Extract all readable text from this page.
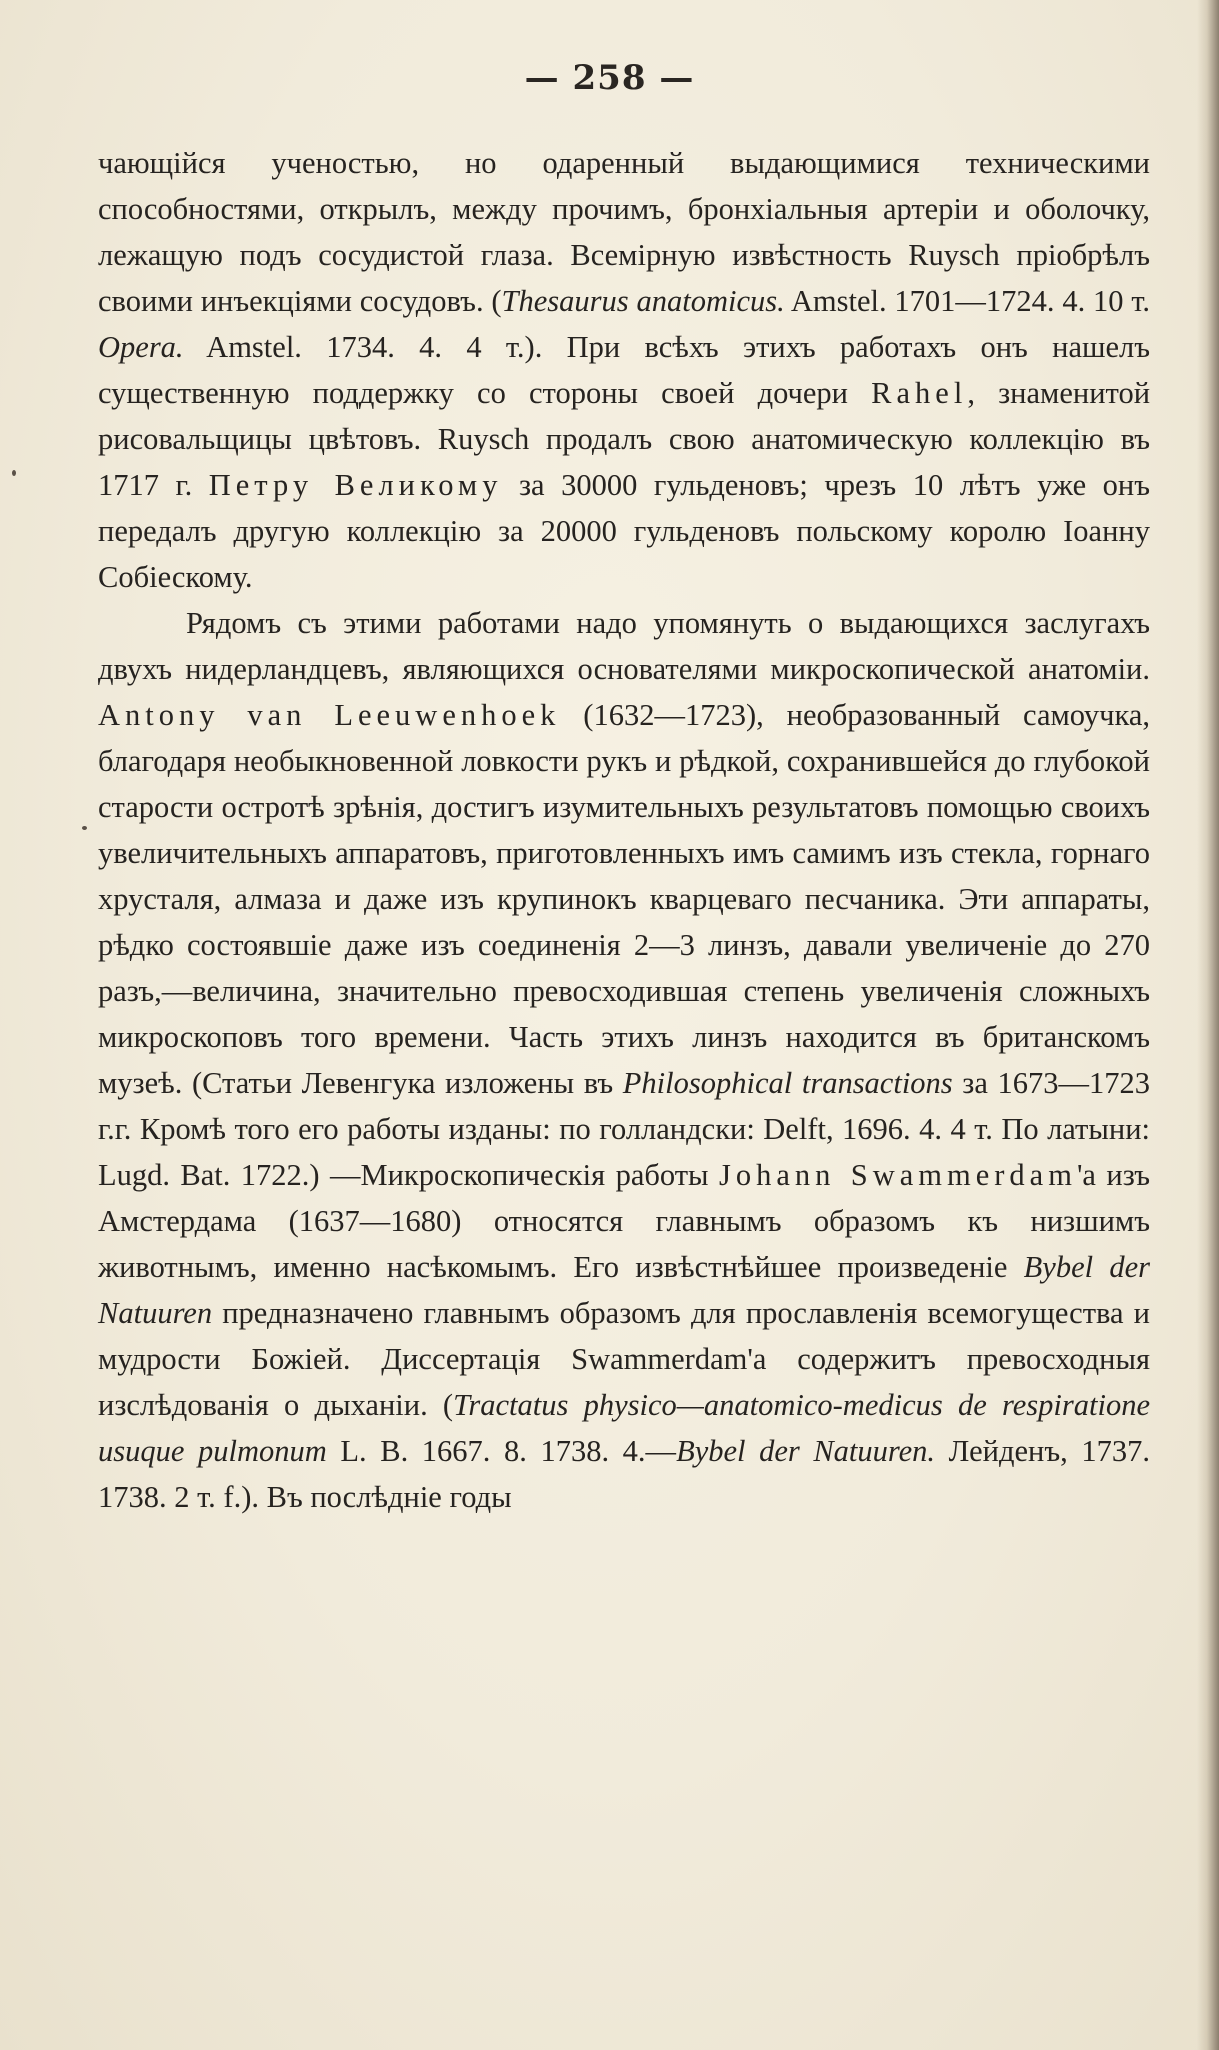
— 258 —

чающійся ученостью, но одаренный выдающимися техническими способностями, открылъ, между прочимъ, бронхіальныя артеріи и оболочку, лежащую подъ сосудистой глаза. Всемірную извѣстность Ruysch пріобрѣлъ своими инъекціями сосудовъ. (Thesaurus anatomicus. Amstel. 1701—1724. 4. 10 т. Opera. Amstel. 1734. 4. 4 т.). При всѣхъ этихъ работахъ онъ нашелъ существенную поддержку со стороны своей дочери Rahel, знаменитой рисовальщицы цвѣтовъ. Ruysch продалъ свою анатомическую коллекцію въ 1717 г. Петру Великому за 30000 гульденовъ; чрезъ 10 лѣтъ уже онъ передалъ другую коллекцію за 20000 гульденовъ польскому королю Іоанну Собіескому.

Рядомъ съ этими работами надо упомянуть о выдающихся заслугахъ двухъ нидерландцевъ, являющихся основателями микроскопической анатоміи. Antony van Leeuwenhoek (1632—1723), необразованный самоучка, благодаря необыкновенной ловкости рукъ и рѣдкой, сохранившейся до глубокой старости остротѣ зрѣнія, достигъ изумительныхъ результатовъ помощью своихъ увеличительныхъ аппаратовъ, приготовленныхъ имъ самимъ изъ стекла, горнаго хрусталя, алмаза и даже изъ крупинокъ кварцеваго песчаника. Эти аппараты, рѣдко состоявшіе даже изъ соединенія 2—3 линзъ, давали увеличеніе до 270 разъ,—величина, значительно превосходившая степень увеличенія сложныхъ микроскоповъ того времени. Часть этихъ линзъ находится въ британскомъ музеѣ. (Статьи Левенгука изложены въ Philosophical transactions за 1673—1723 г.г. Кромѣ того его работы изданы: по голландски: Delft, 1696. 4. 4 т. По латыни: Lugd. Bat. 1722.) —Микроскопическія работы Johann Swammerdam'а изъ Амстердама (1637—1680) относятся главнымъ образомъ къ низшимъ животнымъ, именно насѣкомымъ. Его извѣстнѣйшее произведеніе Bybel der Natuuren предназначено главнымъ образомъ для прославленія всемогущества и мудрости Божіей. Диссертація Swammerdam'а содержитъ превосходныя изслѣдованія о дыханіи. (Tractatus physico—anatomico-medicus de respiratione usuque pulmonum L. B. 1667. 8. 1738. 4.—Bybel der Natuuren. Лейденъ, 1737. 1738. 2 т. f.). Въ послѣдніе годы
